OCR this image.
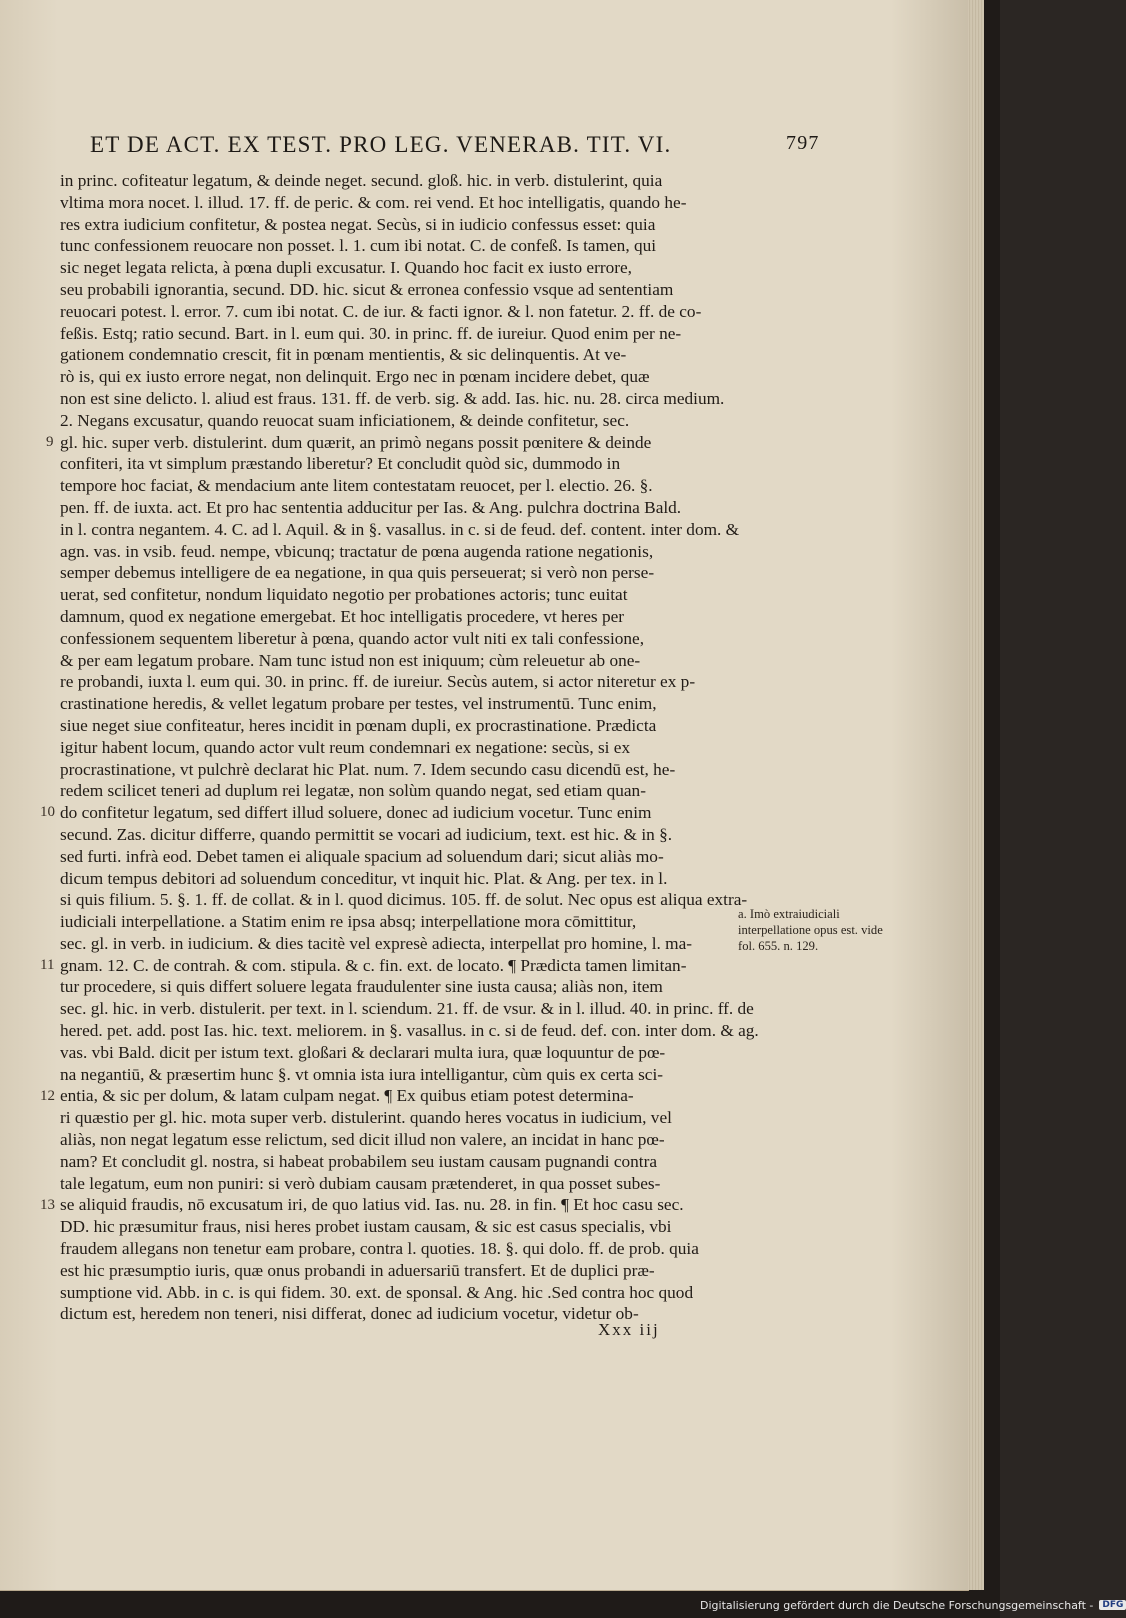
ET DE ACT. EX TEST. PRO LEG. VENERAB. TIT. VI.	797
in princ. cofiteatur legatum, & deinde neget. secund. gloß. hic. in verb. distulerint, quia
vltima mora nocet. l. illud. 17. ff. de peric. & com. rei vend. Et hoc intelligatis, quando he-
res extra iudicium confitetur, & postea negat. Secùs, si in iudicio confessus esset: quia
tunc confessionem reuocare non posset. l. 1. cum ibi notat. C. de confeß. Is tamen, qui
sic neget legata relicta, à pœna dupli excusatur. I. Quando hoc facit ex iusto errore,
seu probabili ignorantia, secund. DD. hic. sicut & erronea confessio vsque ad sententiam
reuocari potest. l. error. 7. cum ibi notat. C. de iur. & facti ignor. & l. non fatetur. 2. ff. de co-
feßis. Estq; ratio secund. Bart. in l. eum qui. 30. in princ. ff. de iureiur. Quod enim per ne-
gationem condemnatio crescit, fit in pœnam mentientis, & sic delinquentis. At ve-
rò is, qui ex iusto errore negat, non delinquit. Ergo nec in pœnam incidere debet, quæ
non est sine delicto. l. aliud est fraus. 131. ff. de verb. sig. & add. Ias. hic. nu. 28. circa medium.
2. Negans excusatur, quando reuocat suam inficiationem, & deinde confitetur, sec.
gl. hic. super verb. distulerint. dum quærit, an primò negans possit pœnitere & deinde
confiteri, ita vt simplum præstando liberetur? Et concludit quòd sic, dummodo in
tempore hoc faciat, & mendacium ante litem contestatam reuocet, per l. electio. 26. §.
pen. ff. de iuxta. act. Et pro hac sententia adducitur per Ias. & Ang. pulchra doctrina Bald.
in l. contra negantem. 4. C. ad l. Aquil. & in §. vasallus. in c. si de feud. def. content. inter dom. &
agn. vas. in vsib. feud. nempe, vbicunq; tractatur de pœna augenda ratione negationis,
semper debemus intelligere de ea negatione, in qua quis perseuerat; si verò non perse-
uerat, sed confitetur, nondum liquidato negotio per probationes actoris; tunc euitat
damnum, quod ex negatione emergebat. Et hoc intelligatis procedere, vt heres per
confessionem sequentem liberetur à pœna, quando actor vult niti ex tali confessione,
& per eam legatum probare. Nam tunc istud non est iniquum; cùm releuetur ab one-
re probandi, iuxta l. eum qui. 30. in princ. ff. de iureiur. Secùs autem, si actor niteretur ex p-
crastinatione heredis, & vellet legatum probare per testes, vel instrumentū. Tunc enim,
siue neget siue confiteatur, heres incidit in pœnam dupli, ex procrastinatione. Prædicta
igitur habent locum, quando actor vult reum condemnari ex negatione: secùs, si ex
procrastinatione, vt pulchrè declarat hic Plat. num. 7. Idem secundo casu dicendū est, he-
redem scilicet teneri ad duplum rei legatæ, non solùm quando negat, sed etiam quan-
do confitetur legatum, sed differt illud soluere, donec ad iudicium vocetur. Tunc enim
secund. Zas. dicitur differre, quando permittit se vocari ad iudicium, text. est hic. & in §.
sed furti. infrà eod. Debet tamen ei aliquale spacium ad soluendum dari; sicut aliàs mo-
dicum tempus debitori ad soluendum conceditur, vt inquit hic. Plat. & Ang. per tex. in l.
si quis filium. 5. §. 1. ff. de collat. & in l. quod dicimus. 105. ff. de solut. Nec opus est aliqua extra-
iudiciali interpellatione. a Statim enim re ipsa absq; interpellatione mora cōmittitur,
sec. gl. in verb. in iudicium. & dies tacitè vel expresè adiecta, interpellat pro homine, l. ma-
gnam. 12. C. de contrah. & com. stipula. & c. fin. ext. de locato. ¶ Prædicta tamen limitan-
tur procedere, si quis differt soluere legata fraudulenter sine iusta causa; aliàs non, item
sec. gl. hic. in verb. distulerit. per text. in l. sciendum. 21. ff. de vsur. & in l. illud. 40. in princ. ff. de
hered. pet. add. post Ias. hic. text. meliorem. in §. vasallus. in c. si de feud. def. con. inter dom. & ag.
vas. vbi Bald. dicit per istum text. gloßari & declarari multa iura, quæ loquuntur de pœ-
na negantiū, & præsertim hunc §. vt omnia ista iura intelligantur, cùm quis ex certa sci-
entia, & sic per dolum, & latam culpam negat. ¶ Ex quibus etiam potest determina-
ri quæstio per gl. hic. mota super verb. distulerint. quando heres vocatus in iudicium, vel
aliàs, non negat legatum esse relictum, sed dicit illud non valere, an incidat in hanc pœ-
nam? Et concludit gl. nostra, si habeat probabilem seu iustam causam pugnandi contra
tale legatum, eum non puniri: si verò dubiam causam prætenderet, in qua posset subes-
se aliquid fraudis, nō excusatum iri, de quo latius vid. Ias. nu. 28. in fin. ¶ Et hoc casu sec.
DD. hic præsumitur fraus, nisi heres probet iustam causam, & sic est casus specialis, vbi
fraudem allegans non tenetur eam probare, contra l. quoties. 18. §. qui dolo. ff. de prob. quia
est hic præsumptio iuris, quæ onus probandi in aduersariū transfert. Et de duplici præ-
sumptione vid. Abb. in c. is qui fidem. 30. ext. de sponsal. & Ang. hic .Sed contra hoc quod
dictum est, heredem non teneri, nisi differat, donec ad iudicium vocetur, videtur ob-
9
10
11
12
13
a. Imò extraiudiciali interpellatione opus est. vide fol. 655. n. 129.
Xxx iij
Digitalisierung gefördert durch die Deutsche Forschungsgemeinschaft -	DFG
